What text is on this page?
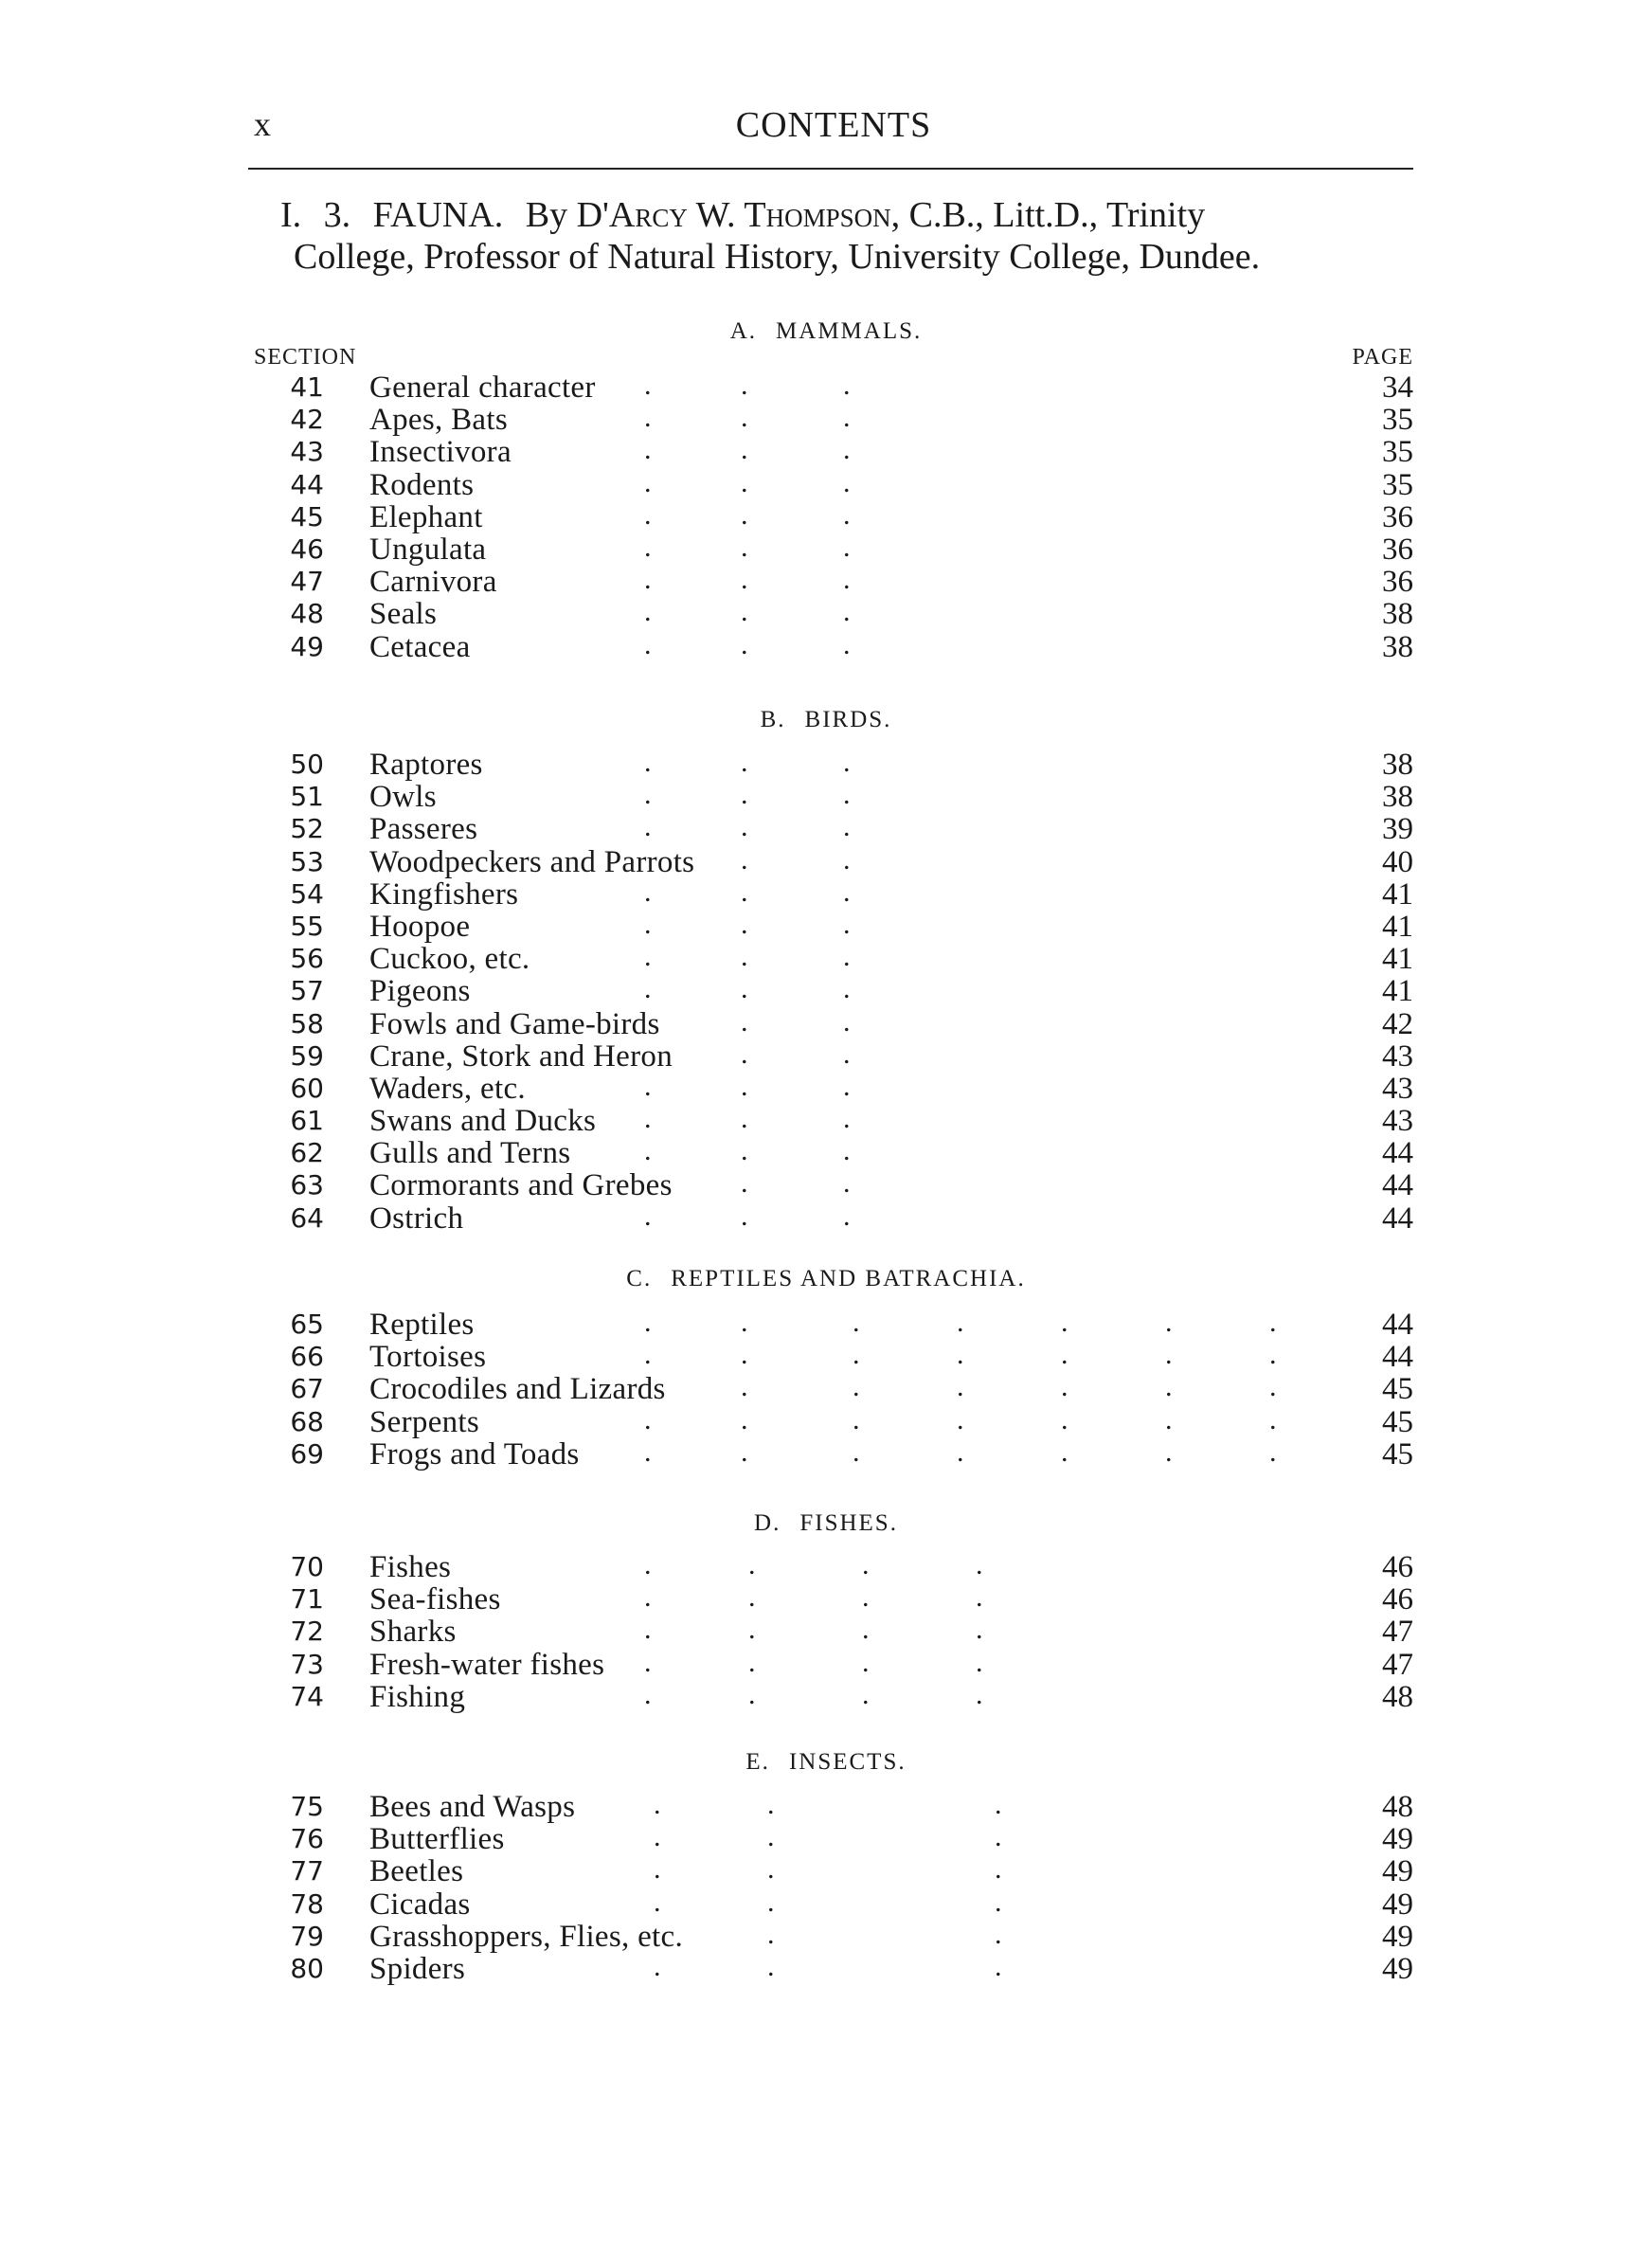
x	CONTENTS
I. 3. FAUNA. By D'Arcy W. Thompson, C.B., Litt.D., Trinity
College, Professor of Natural History, University College, Dundee.
SECTION	PAGE
A. MAMMALS.
41 General character .	.	.	34
42 Apes, Bats	.	.	.	35
43 Insectivora	.	.	.	35
44 Rodents	.	.	.	35
45 Elephant	.	.	.	36
46 Ungulata	.	.	.	36
47 Carnivora	.	.	.	36
48 Seals	.	.	.	38
49 Cetacea	.	.	.	38
B. BIRDS.
50 Raptores	.	.	.	38
51 Owls	.	.	.	38
52 Passeres	.	.	.	39
53 Woodpeckers and Parrots .	.	40
54 Kingfishers	.	.	.	41
55 Hoopoe	.	.	.	41
56 Cuckoo, etc.	.	.	.	41
57 Pigeons	.	.	.	41
58 Fowls and Game-birds	.	.	42
59 Crane, Stork and Heron .	.	43
60 Waders, etc.	.	.	.	43
61 Swans and Ducks .	.	.	43
62 Gulls and Terns	.	.	.	44
63 Cormorants and Grebes .	.	44
64 Ostrich	.	.	.	44
C. REPTILES AND BATRACHIA.
65 Reptiles	.	.	.	.	.	.	.	44
66 Tortoises	.	.	.	.	.	.	.	44
67 Crocodiles and Lizards	.	.	.	.	.	.	45
68 Serpents	.	.	.	.	.	.	.	45
69 Frogs and Toads .	.	.	.	.	.	.	45
D. FISHES.
70 Fishes	.	.	.	.	46
71 Sea-fishes	.	.	.	.	46
72 Sharks	.	.	.	.	47
73 Fresh-water fishes .	.	.	.	47
74 Fishing	.	.	.	.	48
E. INSECTS.
75 Bees and Wasps	.	.	.	48
76 Butterflies	.	.	.	49
77 Beetles	.	.	.	49
78 Cicadas	.	.	.	49
79 Grasshoppers, Flies, etc.	.	.	49
80 Spiders	.	.	.	49
